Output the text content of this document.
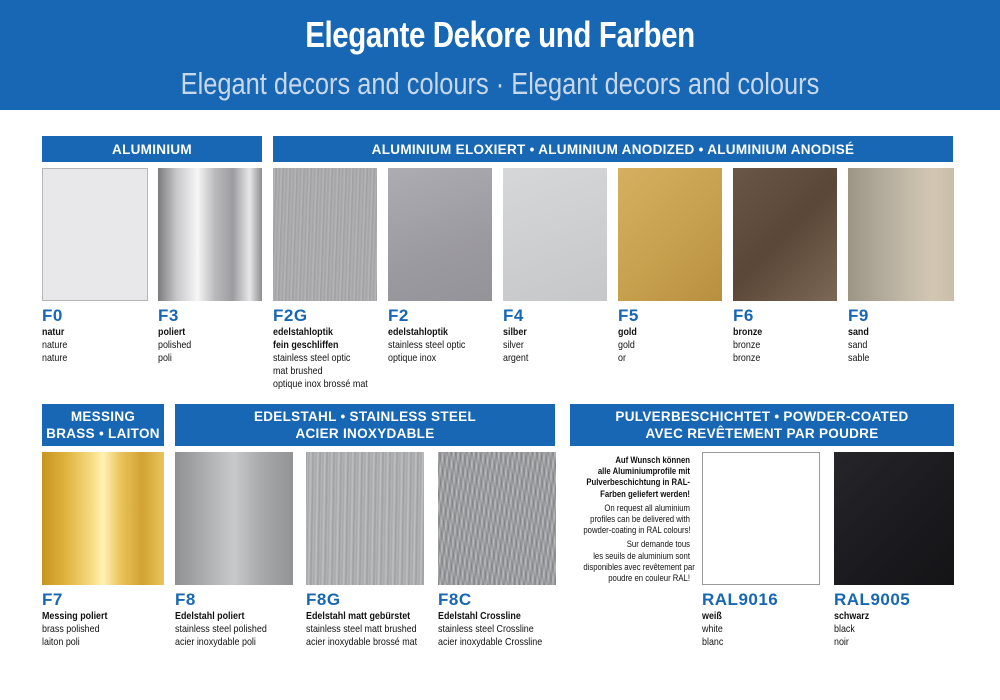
Elegante Dekore und Farben
Elegant decors and colours · Elegant decors and colours
ALUMINIUM	ALUMINIUM ELOXIERT • ALUMINIUM ANODIZED • ALUMINIUM ANODISÉ
F0	F3	F2G	F2	F4	F5	F6	F9
natur
nature
nature
poliert
polished
poli
edelstahloptik
fein geschliffen
stainless steel optic
mat brushed
optique inox brossé mat
edelstahloptik
stainless steel optic
optique inox
silber
silver
argent
gold
gold
or
bronze
bronze
bronze
sand
sand
sable
MESSING
BRASS • LAITON
EDELSTAHL • STAINLESS STEEL
ACIER INOXYDABLE
PULVERBESCHICHTET • POWDER-COATED
AVEC REVÊTEMENT PAR POUDRE

Auf Wunsch können
alle Aluminiumprofile mit
Pulverbeschichtung in RAL-
Farben geliefert werden!

On request all aluminium
profiles can be delivered with
powder-coating in RAL colours!

Sur demande tous
les seuils de aluminium sont
disponibles avec revêtement par
poudre en couleur RAL!

F7	F8	F8G	F8C	RAL9016	RAL9005
Messing poliert
brass polished
laiton poli
Edelstahl poliert
stainless steel polished
acier inoxydable poli
Edelstahl matt gebürstet
stainless steel matt brushed
acier inoxydable brossé mat
Edelstahl Crossline
stainless steel Crossline
acier inoxydable Crossline
weiß
white
blanc
schwarz
black
noir
